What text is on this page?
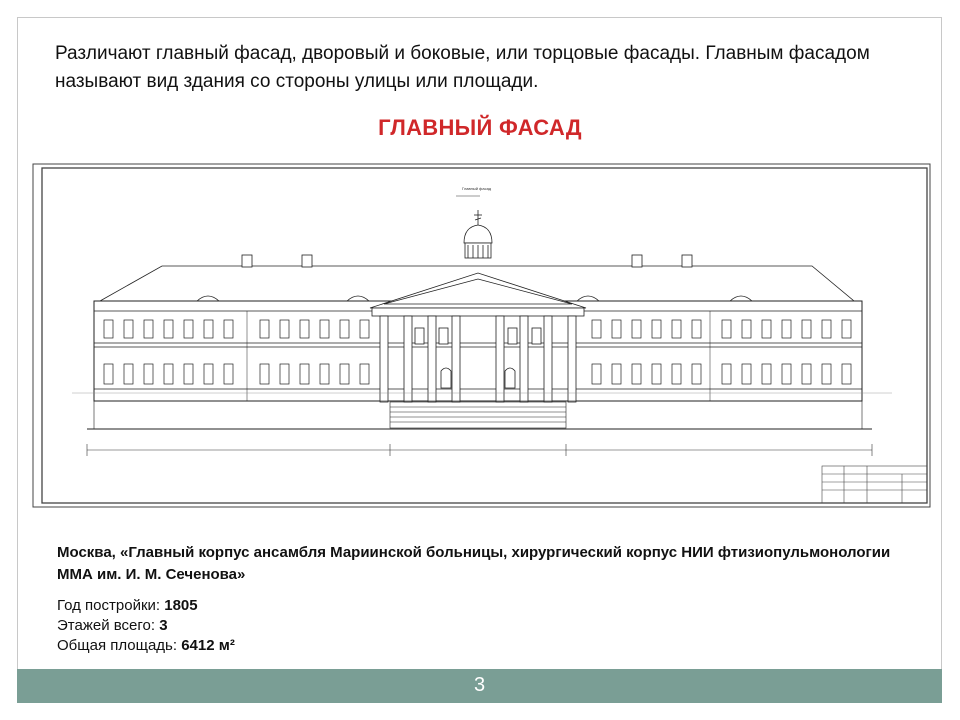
Различают главный фасад, дворовый и боковые, или торцовые фасады. Главным фасадом называют вид здания со стороны улицы или площади.
ГЛАВНЫЙ ФАСАД
Главный фасад
Москва, «Главный корпус ансамбля Мариинской больницы, хирургический корпус НИИ фтизиопульмонологии ММА им. И. М. Сеченова»
Год постройки: 1805
Этажей всего: 3
Общая площадь: 6412 м²
3
